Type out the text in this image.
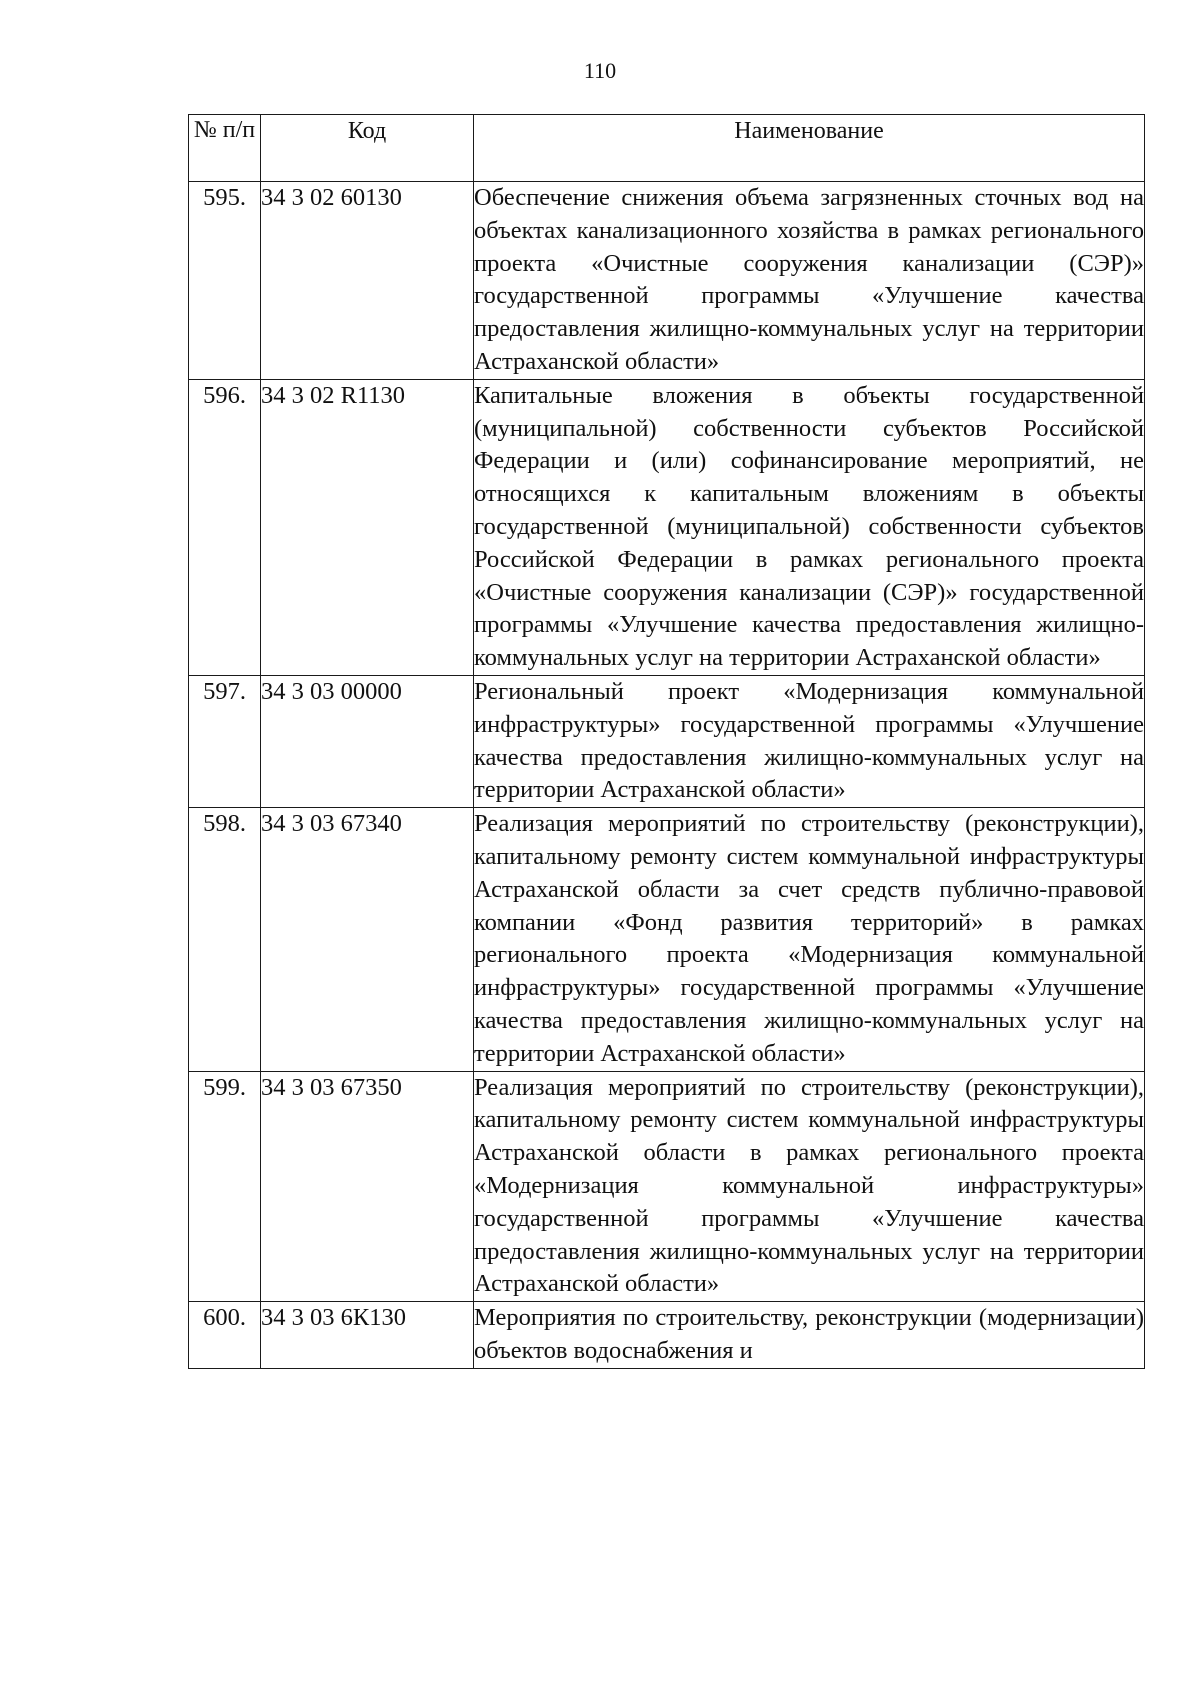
110
№ п/п	Код	Наименование
595.	34 3 02 60130	Обеспечение снижения объема загрязненных сточных вод на объектах канализационного хозяйства в рамках регионального проекта «Очистные сооружения канализации (СЭР)» государственной программы «Улучшение качества предоставления жилищно-коммунальных услуг на территории Астраханской области»
596.	34 3 02 R1130	Капитальные вложения в объекты государственной (муниципальной) собственности субъектов Российской Федерации и (или) софинансирование мероприятий, не относящихся к капитальным вложениям в объекты государственной (муниципальной) собственности субъектов Российской Федерации в рамках регионального проекта «Очистные сооружения канализации (СЭР)» государственной программы «Улучшение качества предоставления жилищно-коммунальных услуг на территории Астраханской области»
597.	34 3 03 00000	Региональный проект «Модернизация коммунальной инфраструктуры» государственной программы «Улучшение качества предоставления жилищно-коммунальных услуг на территории Астраханской области»
598.	34 3 03 67340	Реализация мероприятий по строительству (реконструкции), капитальному ремонту систем коммунальной инфраструктуры Астраханской области за счет средств публично-правовой компании «Фонд развития территорий» в рамках регионального проекта «Модернизация коммунальной инфраструктуры» государственной программы «Улучшение качества предоставления жилищно-коммунальных услуг на территории Астраханской области»
599.	34 3 03 67350	Реализация мероприятий по строительству (реконструкции), капитальному ремонту систем коммунальной инфраструктуры Астраханской области в рамках регионального проекта «Модернизация коммунальной инфраструктуры» государственной программы «Улучшение качества предоставления жилищно-коммунальных услуг на территории Астраханской области»
600.	34 3 03 6К130	Мероприятия по строительству, реконструкции (модернизации) объектов водоснабжения и
